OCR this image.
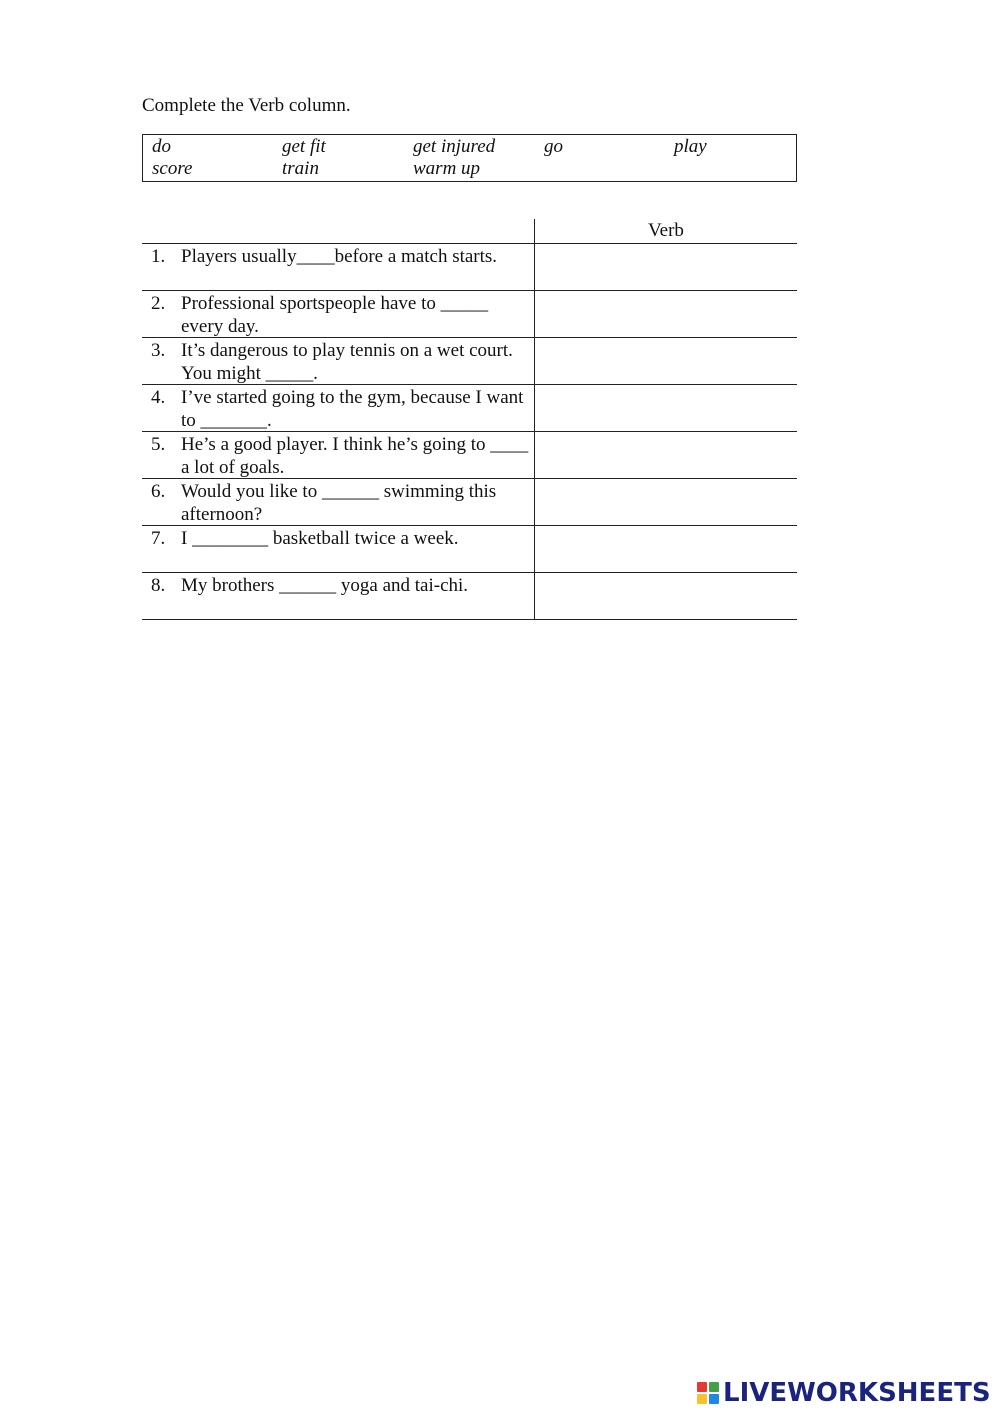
Complete the Verb column.
do	get fit	get injured	go	play
score	train	warm up
Verb
1. Players usually____before a match starts.
2. Professional sportspeople have to _____ every day.
3. It’s dangerous to play tennis on a wet court. You might _____.
4. I’ve started going to the gym, because I want to _______.
5. He’s a good player. I think he’s going to ____ a lot of goals.
6. Would you like to ______ swimming this afternoon?
7. I ________ basketball twice a week.
8. My brothers ______ yoga and tai-chi.
LIVEWORKSHEETS
